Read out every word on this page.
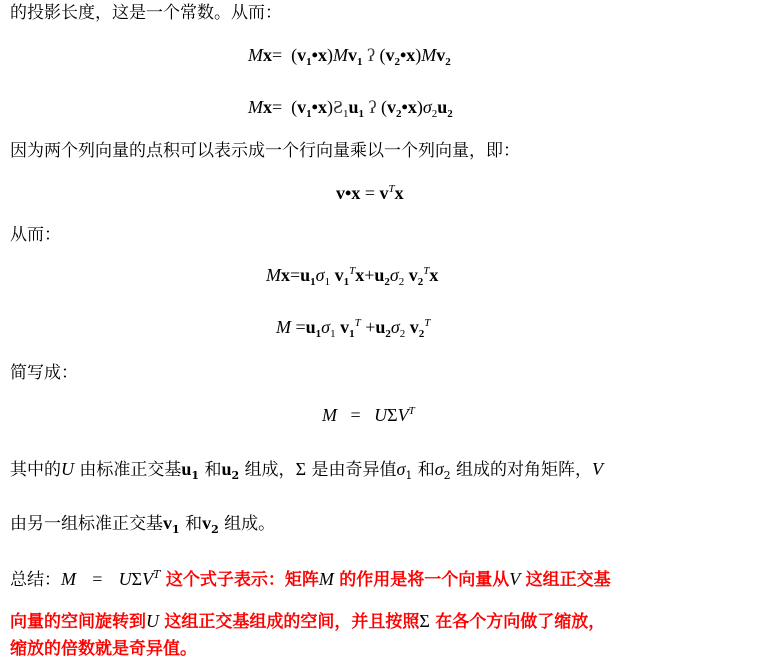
的投影长度，这是一个常数。从而：
$Mx= (v_1•x)Mv_1$ ʔ $(v_2•x)Mv_2$
$Mx= (v_1•x)Ƨ_1u_1$ ʔ $(v_2•x)\sigma_2u_2$
因为两个列向量的点积可以表示成一个行向量乘以一个列向量，即：
v•x = $v^Tx$
从而：
$Mx=u_1\sigma_1$ $v_1^Tx+u_2\sigma_2$ $v_2^Tx$
$M =u_1\sigma_1$ $v_1^T +u_2\sigma_2$ $v_2^T$
简写成：
$M = U\Sigma V^T$
其中的U 由标准正交基$u_1$ 和$u_2$ 组成，Σ 是由奇异值$\sigma_1$ 和$\sigma_2$ 组成的对角矩阵，V
由另一组标准正交基$v_1$ 和$v_2$ 组成。
总结：$M = U\Sigma V^T$ 这个式子表示：矩阵M 的作用是将一个向量从V 这组正交基
向量的空间旋转到U 这组正交基组成的空间，并且按照Σ 在各个方向做了缩放，
缩放的倍数就是奇异值。
